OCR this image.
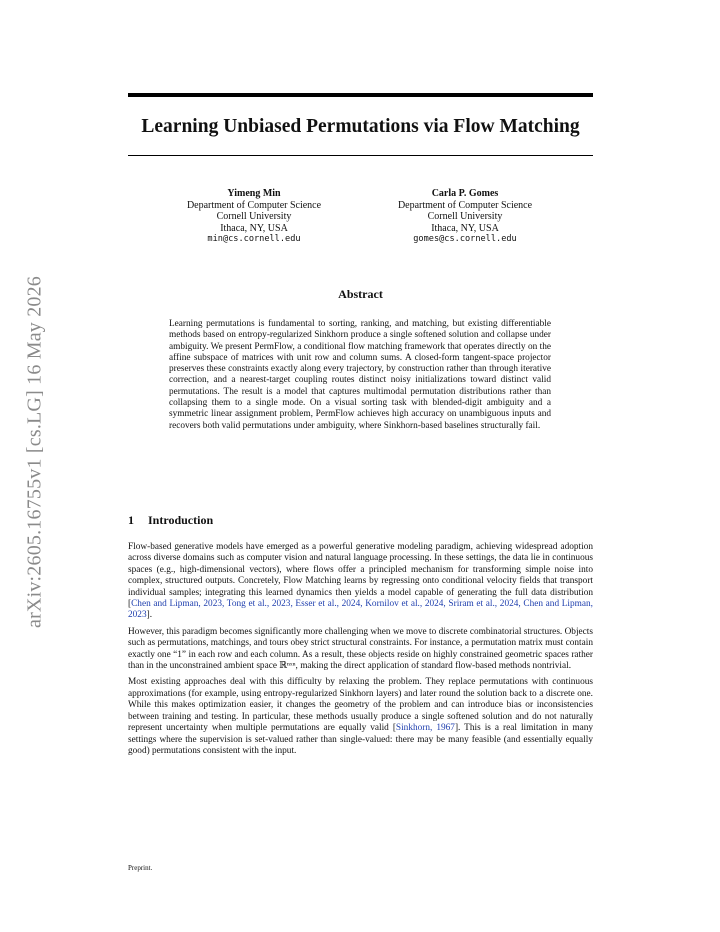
arXiv:2605.16755v1 [cs.LG] 16 May 2026
Learning Unbiased Permutations via Flow Matching
Yimeng Min
Department of Computer Science
Cornell University
Ithaca, NY, USA
min@cs.cornell.edu
Carla P. Gomes
Department of Computer Science
Cornell University
Ithaca, NY, USA
gomes@cs.cornell.edu
Abstract
Learning permutations is fundamental to sorting, ranking, and matching, but existing differentiable methods based on entropy-regularized Sinkhorn produce a single softened solution and collapse under ambiguity. We present PermFlow, a conditional flow matching framework that operates directly on the affine subspace of matrices with unit row and column sums. A closed-form tangent-space projector preserves these constraints exactly along every trajectory, by construction rather than through iterative correction, and a nearest-target coupling routes distinct noisy initializations toward distinct valid permutations. The result is a model that captures multimodal permutation distributions rather than collapsing them to a single mode. On a visual sorting task with blended-digit ambiguity and a symmetric linear assignment problem, PermFlow achieves high accuracy on unambiguous inputs and recovers both valid permutations under ambiguity, where Sinkhorn-based baselines structurally fail.
1 Introduction

Flow-based generative models have emerged as a powerful generative modeling paradigm, achieving widespread adoption across diverse domains such as computer vision and natural language processing. In these settings, the data lie in continuous spaces (e.g., high-dimensional vectors), where flows offer a principled mechanism for transforming simple noise into complex, structured outputs. Concretely, Flow Matching learns by regressing onto conditional velocity fields that transport individual samples; integrating this learned dynamics then yields a model capable of generating the full data distribution [Chen and Lipman, 2023, Tong et al., 2023, Esser et al., 2024, Kornilov et al., 2024, Sriram et al., 2024, Chen and Lipman, 2023].

However, this paradigm becomes significantly more challenging when we move to discrete combinatorial structures. Objects such as permutations, matchings, and tours obey strict structural constraints. For instance, a permutation matrix must contain exactly one “1” in each row and each column. As a result, these objects reside on highly constrained geometric spaces rather than in the unconstrained ambient space ℝⁿˣⁿ, making the direct application of standard flow-based methods nontrivial.

Most existing approaches deal with this difficulty by relaxing the problem. They replace permutations with continuous approximations (for example, using entropy-regularized Sinkhorn layers) and later round the solution back to a discrete one. While this makes optimization easier, it changes the geometry of the problem and can introduce bias or inconsistencies between training and testing. In particular, these methods usually produce a single softened solution and do not naturally represent uncertainty when multiple permutations are equally valid [Sinkhorn, 1967]. This is a real limitation in many settings where the supervision is set-valued rather than single-valued: there may be many feasible (and essentially equally good) permutations consistent with the input.

Preprint.
